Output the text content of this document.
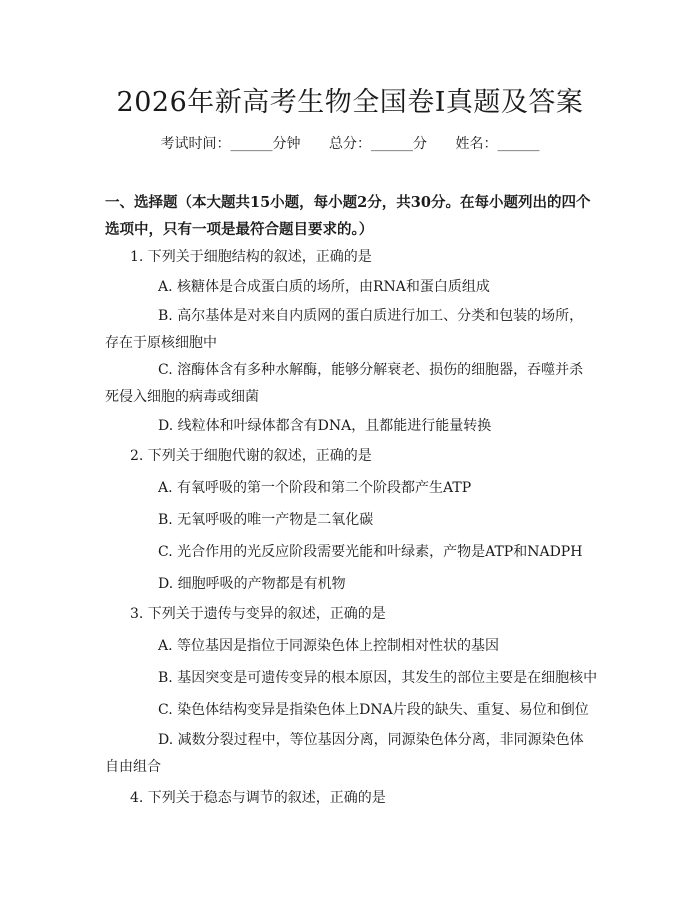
2026年新高考生物全国卷Ⅰ真题及答案
考试时间：______分钟 总分：______分 姓名：______
一、选择题（本大题共15小题，每小题2分，共30分。在每小题列出的四个选项中，只有一项是最符合题目要求的。）
1. 下列关于细胞结构的叙述，正确的是
A. 核糖体是合成蛋白质的场所，由RNA和蛋白质组成
B. 高尔基体是对来自内质网的蛋白质进行加工、分类和包装的场所，存在于原核细胞中
C. 溶酶体含有多种水解酶，能够分解衰老、损伤的细胞器，吞噬并杀死侵入细胞的病毒或细菌
D. 线粒体和叶绿体都含有DNA，且都能进行能量转换
2. 下列关于细胞代谢的叙述，正确的是
A. 有氧呼吸的第一个阶段和第二个阶段都产生ATP
B. 无氧呼吸的唯一产物是二氧化碳
C. 光合作用的光反应阶段需要光能和叶绿素，产物是ATP和NADPH
D. 细胞呼吸的产物都是有机物
3. 下列关于遗传与变异的叙述，正确的是
A. 等位基因是指位于同源染色体上控制相对性状的基因
B. 基因突变是可遗传变异的根本原因，其发生的部位主要是在细胞核中
C. 染色体结构变异是指染色体上DNA片段的缺失、重复、易位和倒位
D. 减数分裂过程中，等位基因分离，同源染色体分离，非同源染色体自由组合
4. 下列关于稳态与调节的叙述，正确的是
